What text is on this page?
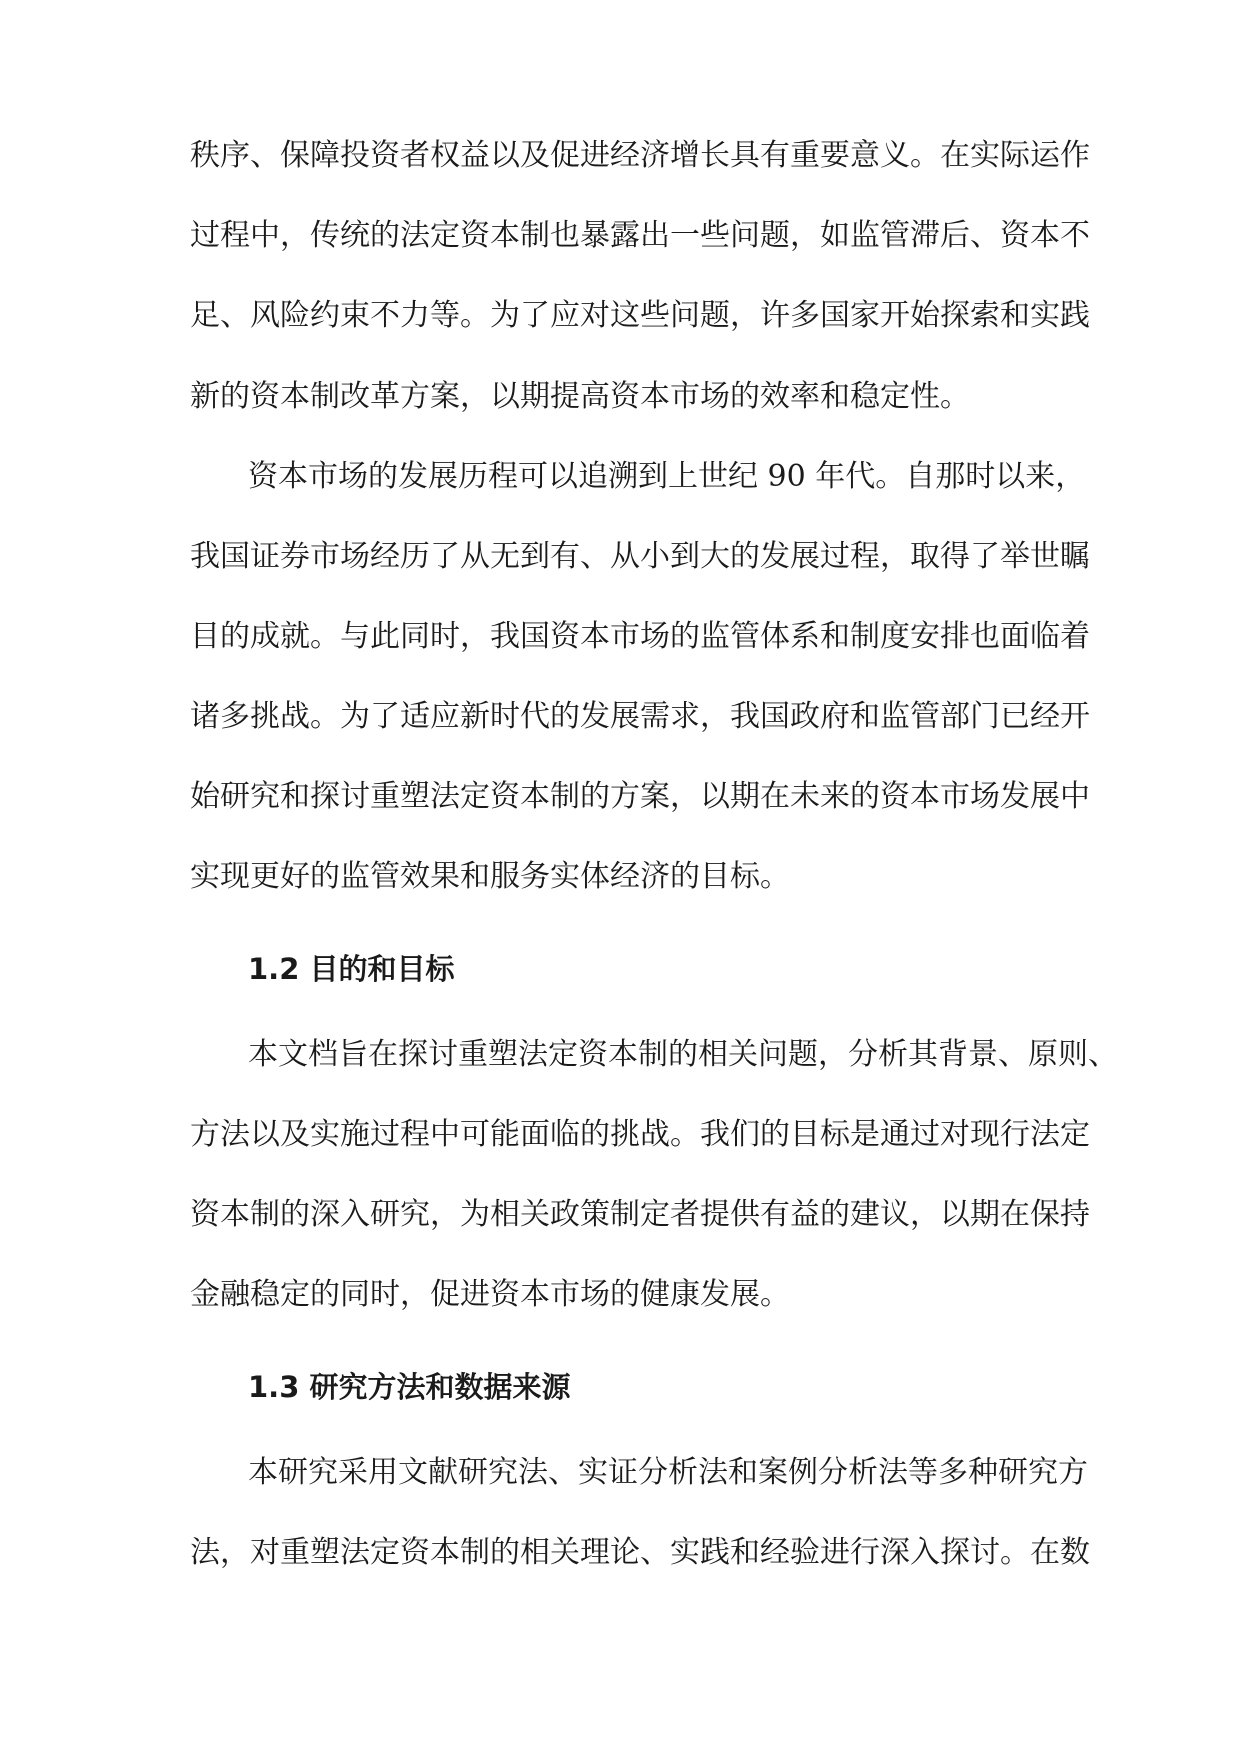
秩序、保障投资者权益以及促进经济增长具有重要意义。在实际运作
过程中，传统的法定资本制也暴露出一些问题，如监管滞后、资本不
足、风险约束不力等。为了应对这些问题，许多国家开始探索和实践
新的资本制改革方案，以期提高资本市场的效率和稳定性。
资本市场的发展历程可以追溯到上世纪 90 年代。自那时以来，
我国证券市场经历了从无到有、从小到大的发展过程，取得了举世瞩
目的成就。与此同时，我国资本市场的监管体系和制度安排也面临着
诸多挑战。为了适应新时代的发展需求，我国政府和监管部门已经开
始研究和探讨重塑法定资本制的方案，以期在未来的资本市场发展中
实现更好的监管效果和服务实体经济的目标。
1.2 目的和目标
本文档旨在探讨重塑法定资本制的相关问题，分析其背景、原则、
方法以及实施过程中可能面临的挑战。我们的目标是通过对现行法定
资本制的深入研究，为相关政策制定者提供有益的建议，以期在保持
金融稳定的同时，促进资本市场的健康发展。
1.3 研究方法和数据来源
本研究采用文献研究法、实证分析法和案例分析法等多种研究方
法，对重塑法定资本制的相关理论、实践和经验进行深入探讨。在数
